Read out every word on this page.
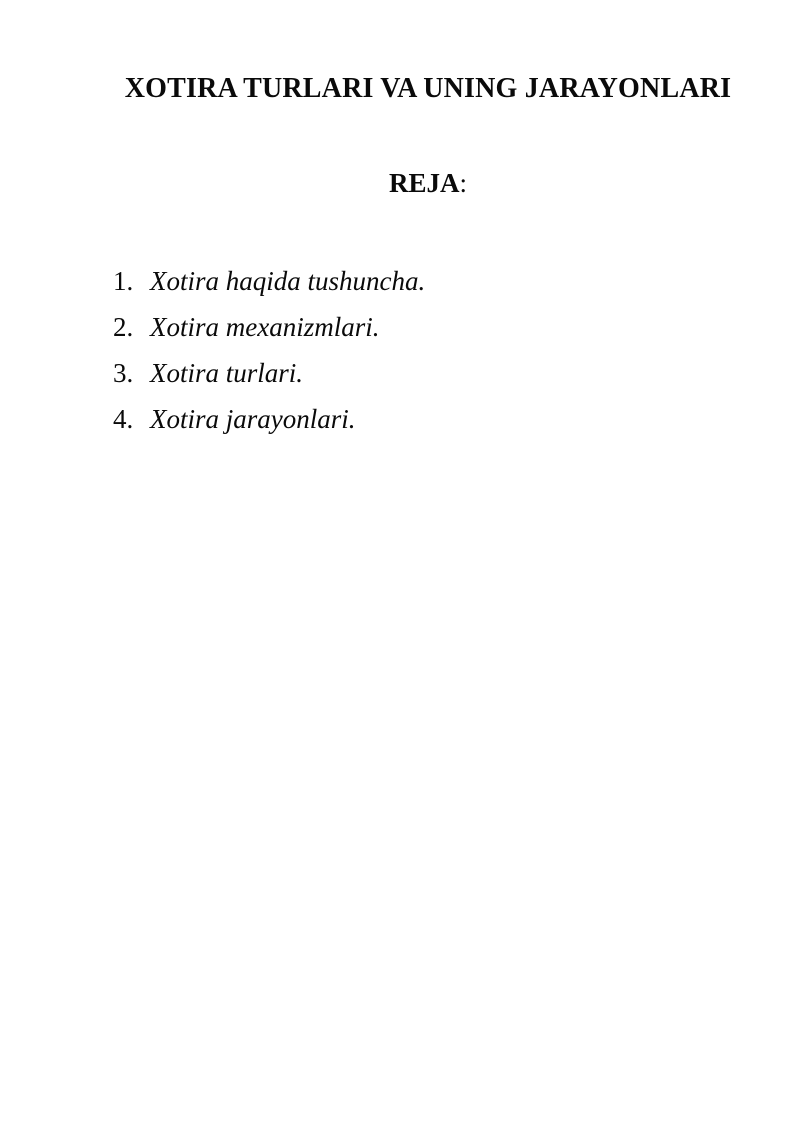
XOTIRA TURLARI VA UNING JARAYONLARI
REJA:
1. Xotira haqida tushuncha.
2. Xotira mexanizmlari.
3. Xotira turlari.
4. Xotira jarayonlari.
